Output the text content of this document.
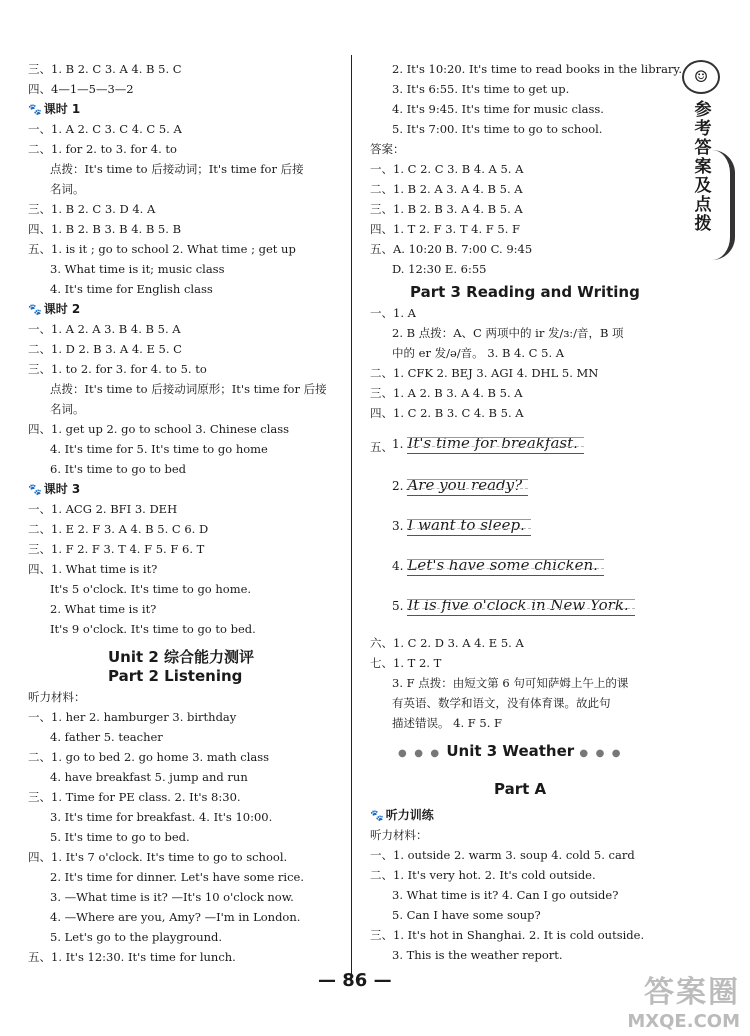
三、1. B 2. C 3. A 4. B 5. C
四、4—1—5—3—2
🐾 课时 1
一、1. A 2. C 3. C 4. C 5. A
二、1. for 2. to 3. for 4. to
点拨：It's time to 后接动词；It's time for 后接
名词。
三、1. B 2. C 3. D 4. A
四、1. B 2. B 3. B 4. B 5. B
五、1. is it ; go to school 2. What time ; get up
3. What time is it; music class
4. It's time for English class
🐾 课时 2
一、1. A 2. A 3. B 4. B 5. A
二、1. D 2. B 3. A 4. E 5. C
三、1. to 2. for 3. for 4. to 5. to
点拨：It's time to 后接动词原形；It's time for 后接
名词。
四、1. get up 2. go to school 3. Chinese class
4. It's time for 5. It's time to go home
6. It's time to go to bed
🐾 课时 3
一、1. ACG 2. BFI 3. DEH
二、1. E 2. F 3. A 4. B 5. C 6. D
三、1. F 2. F 3. T 4. F 5. F 6. T
四、1. What time is it?
It's 5 o'clock. It's time to go home.
2. What time is it?
It's 9 o'clock. It's time to go to bed.
听力材料：
一、1. her 2. hamburger 3. birthday
4. father 5. teacher
二、1. go to bed 2. go home 3. math class
4. have breakfast 5. jump and run
三、1. Time for PE class. 2. It's 8:30.
3. It's time for breakfast. 4. It's 10:00.
5. It's time to go to bed.
四、1. It's 7 o'clock. It's time to go to school.
2. It's time for dinner. Let's have some rice.
3. —What time is it? —It's 10 o'clock now.
4. —Where are you, Amy? —I'm in London.
5. Let's go to the playground.
五、1. It's 12:30. It's time for lunch.
2. It's 10:20. It's time to read books in the library.
3. It's 6:55. It's time to get up.
4. It's 9:45. It's time for music class.
5. It's 7:00. It's time to go to school.
答案：
一、1. C 2. C 3. B 4. A 5. A
二、1. B 2. A 3. A 4. B 5. A
三、1. B 2. B 3. A 4. B 5. A
四、1. T 2. F 3. T 4. F 5. F
五、A. 10:20 B. 7:00 C. 9:45
D. 12:30 E. 6:55
一、1. A
2. B 点拨：A、C 两项中的 ir 发/ɜː/音，B 项
中的 er 发/ə/音。 3. B 4. C 5. A
二、1. CFK 2. BEJ 3. AGI 4. DHL 5. MN
三、1. A 2. B 3. A 4. B 5. A
四、1. C 2. B 3. C 4. B 5. A
五、
六、1. C 2. D 3. A 4. E 5. A
七、1. T 2. T
3. F 点拨：由短文第 6 句可知萨姆上午上的课
有英语、数学和语文，没有体育课。故此句
描述错误。 4. F 5. F
🐾 听力训练
听力材料：
一、1. outside 2. warm 3. soup 4. cold 5. card
二、1. It's very hot. 2. It's cold outside.
3. What time is it? 4. Can I go outside?
5. Can I have some soup?
三、1. It's hot in Shanghai. 2. It is cold outside.
3. This is the weather report.
Unit 2 综合能力测评
Part 2 Listening
Part 3 Reading and Writing
● ● ● Unit 3 Weather ● ● ●
Part A
1. It's time for breakfast.
2. Are you ready?
3. I want to sleep.
4. Let's have some chicken.
5. It is five o'clock in New York.
☺
参考答案及点拨
— 86 —	答案圈
MXQE.COM
